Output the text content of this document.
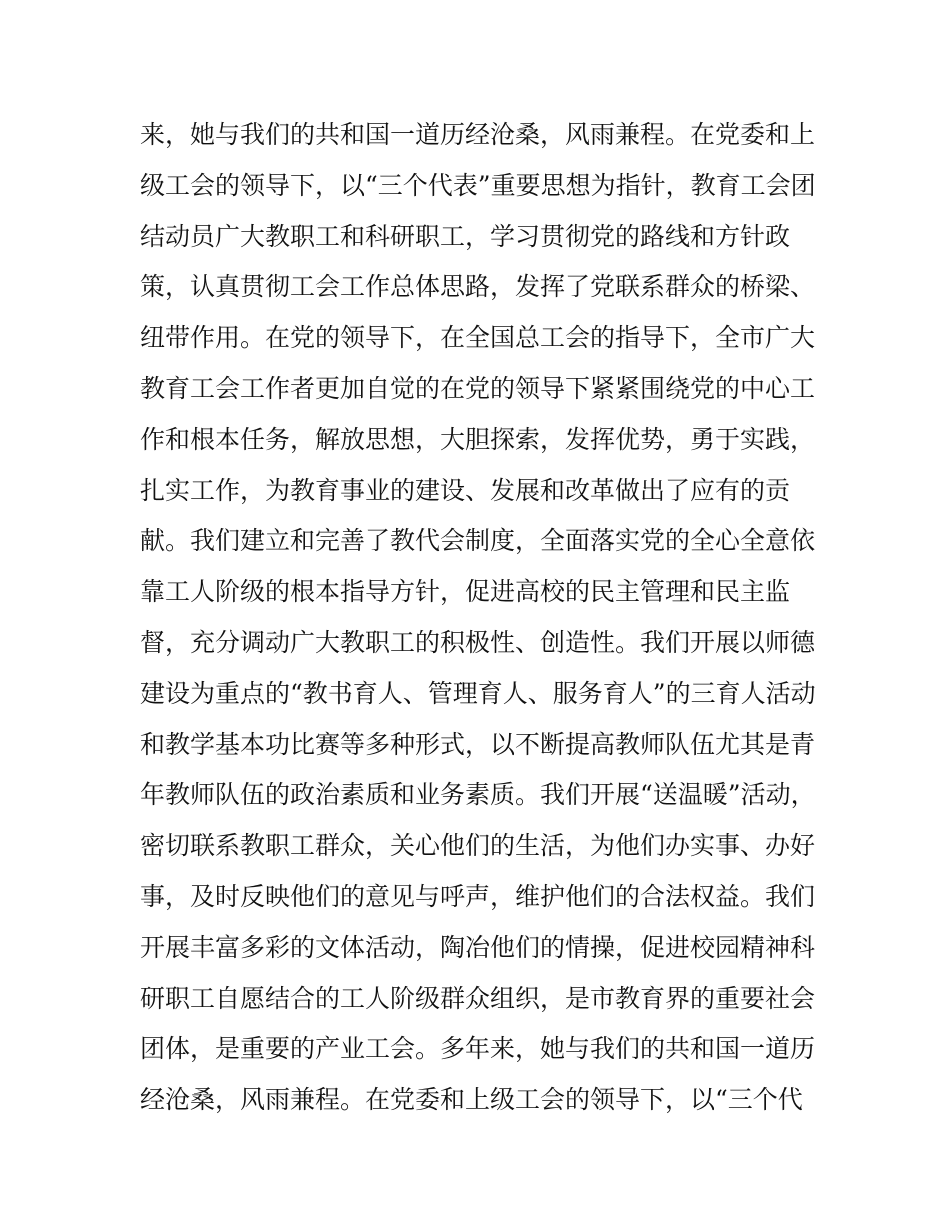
来，她与我们的共和国一道历经沧桑，风雨兼程。在党委和上
级工会的领导下，以“三个代表”重要思想为指针，教育工会团
结动员广大教职工和科研职工，学习贯彻党的路线和方针政
策，认真贯彻工会工作总体思路，发挥了党联系群众的桥梁、
纽带作用。在党的领导下，在全国总工会的指导下，全市广大
教育工会工作者更加自觉的在党的领导下紧紧围绕党的中心工
作和根本任务，解放思想，大胆探索，发挥优势，勇于实践，
扎实工作，为教育事业的建设、发展和改革做出了应有的贡
献。我们建立和完善了教代会制度，全面落实党的全心全意依
靠工人阶级的根本指导方针，促进高校的民主管理和民主监
督，充分调动广大教职工的积极性、创造性。我们开展以师德
建设为重点的“教书育人、管理育人、服务育人”的三育人活动
和教学基本功比赛等多种形式，以不断提高教师队伍尤其是青
年教师队伍的政治素质和业务素质。我们开展“送温暖”活动，
密切联系教职工群众，关心他们的生活，为他们办实事、办好
事，及时反映他们的意见与呼声，维护他们的合法权益。我们
开展丰富多彩的文体活动，陶冶他们的情操，促进校园精神科
研职工自愿结合的工人阶级群众组织，是市教育界的重要社会
团体，是重要的产业工会。多年来，她与我们的共和国一道历
经沧桑，风雨兼程。在党委和上级工会的领导下，以“三个代
